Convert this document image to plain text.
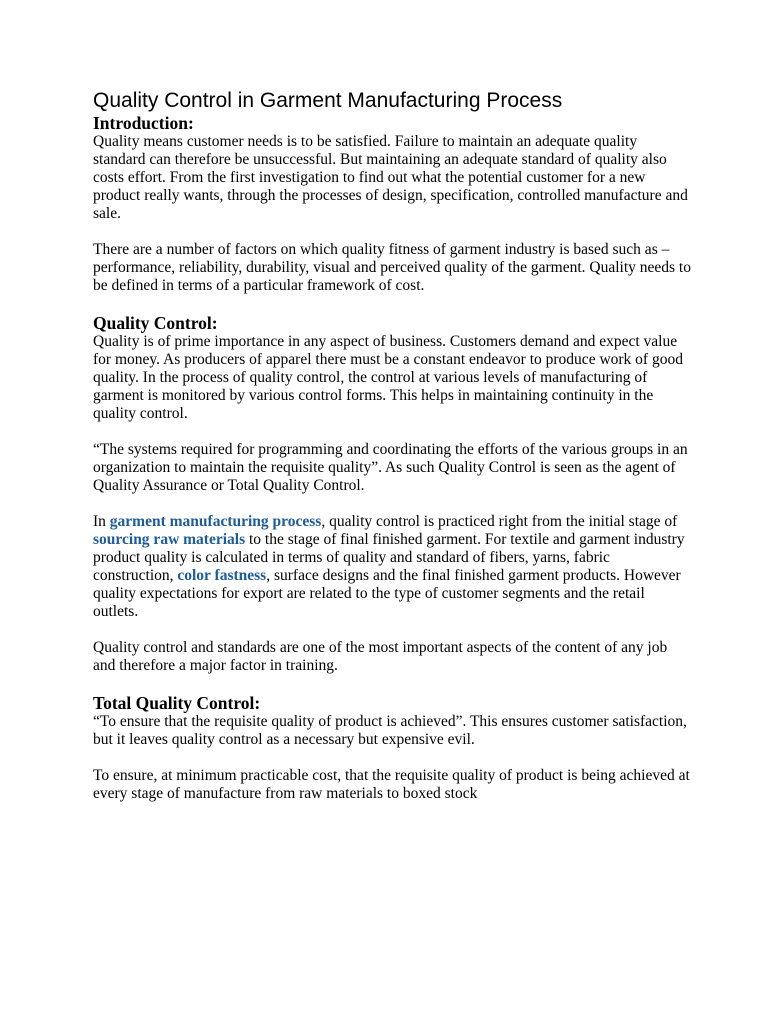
Quality Control in Garment Manufacturing Process
Introduction:

Quality means customer needs is to be satisfied. Failure to maintain an adequate quality standard can therefore be unsuccessful. But maintaining an adequate standard of quality also costs effort. From the first investigation to find out what the potential customer for a new product really wants, through the processes of design, specification, controlled manufacture and sale.

There are a number of factors on which quality fitness of garment industry is based such as – performance, reliability, durability, visual and perceived quality of the garment. Quality needs to be defined in terms of a particular framework of cost.

Quality Control:

Quality is of prime importance in any aspect of business. Customers demand and expect value for money. As producers of apparel there must be a constant endeavor to produce work of good quality. In the process of quality control, the control at various levels of manufacturing of garment is monitored by various control forms. This helps in maintaining continuity in the quality control.

“The systems required for programming and coordinating the efforts of the various groups in an organization to maintain the requisite quality”. As such Quality Control is seen as the agent of Quality Assurance or Total Quality Control.

In garment manufacturing process, quality control is practiced right from the initial stage of sourcing raw materials to the stage of final finished garment. For textile and garment industry product quality is calculated in terms of quality and standard of fibers, yarns, fabric construction, color fastness, surface designs and the final finished garment products. However quality expectations for export are related to the type of customer segments and the retail outlets.

Quality control and standards are one of the most important aspects of the content of any job and therefore a major factor in training.

Total Quality Control:

“To ensure that the requisite quality of product is achieved”. This ensures customer satisfaction, but it leaves quality control as a necessary but expensive evil.

To ensure, at minimum practicable cost, that the requisite quality of product is being achieved at every stage of manufacture from raw materials to boxed stock
